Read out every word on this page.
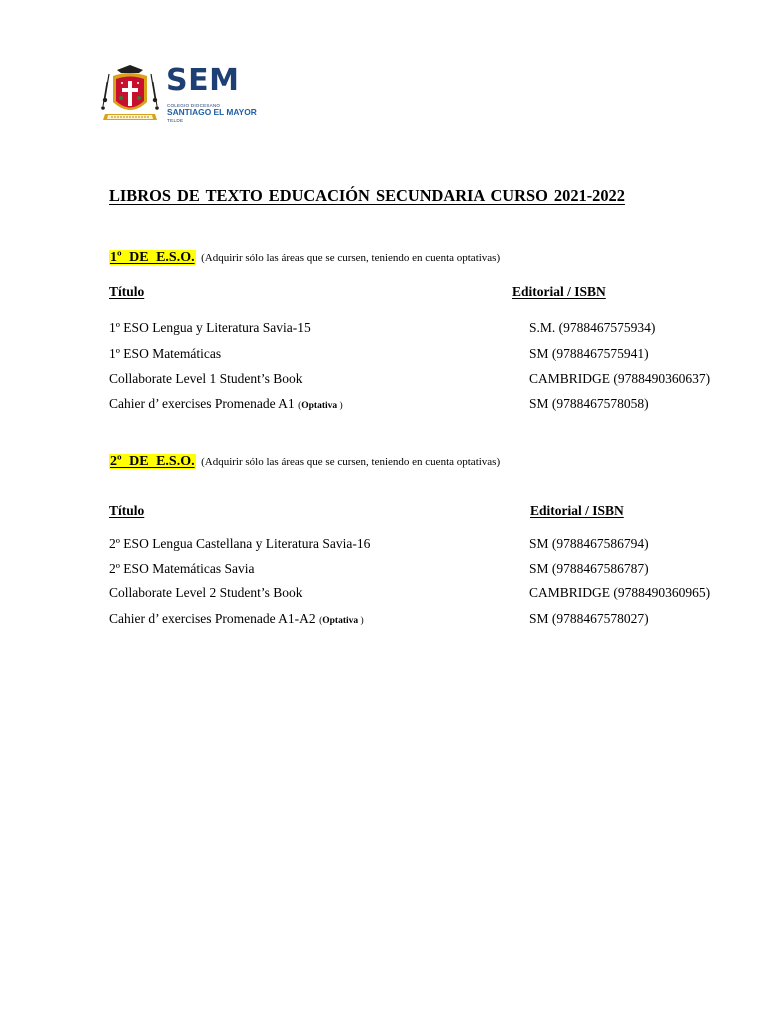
SEM
COLEGIO DIOCESANO
SANTIAGO EL MAYOR
TELDE
LIBROS DE TEXTO EDUCACIÓN SECUNDARIA CURSO 2021-2022
1º DE E.S.O. (Adquirir sólo las áreas que se cursen, teniendo en cuenta optativas)
Título	Editorial / ISBN
1º ESO Lengua y Literatura Savia-15	S.M. (9788467575934)
1º ESO Matemáticas	SM (9788467575941)
Collaborate Level 1 Student’s Book	CAMBRIDGE (9788490360637)
Cahier d’ exercises Promenade A1 (Optativa )	SM (9788467578058)
2º DE E.S.O. (Adquirir sólo las áreas que se cursen, teniendo en cuenta optativas)
Título	Editorial / ISBN
2º ESO Lengua Castellana y Literatura Savia-16	SM (9788467586794)
2º ESO Matemáticas Savia	SM (9788467586787)
Collaborate Level 2 Student’s Book	CAMBRIDGE (9788490360965)
Cahier d’ exercises Promenade A1-A2 (Optativa )	SM (9788467578027)
